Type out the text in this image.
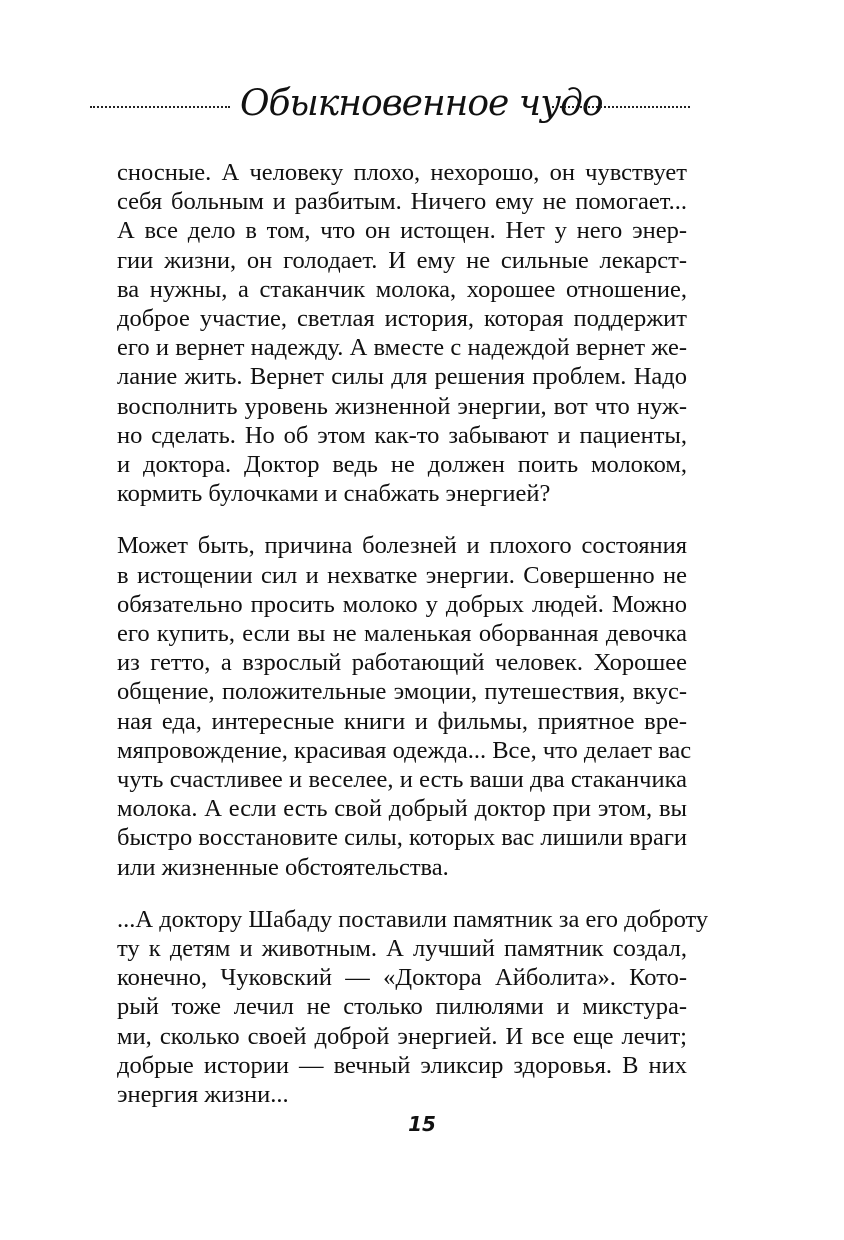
Обыкновенное чудо
сносные. А человеку плохо, нехорошо, он чувствует
себя больным и разбитым. Ничего ему не помогает...
А все дело в том, что он истощен. Нет у него энер-
гии жизни, он голодает. И ему не сильные лекарст-
ва нужны, а стаканчик молока, хорошее отношение,
доброе участие, светлая история, которая поддержит
его и вернет надежду. А вместе с надеждой вернет же-
лание жить. Вернет силы для решения проблем. Надо
восполнить уровень жизненной энергии, вот что нуж-
но сделать. Но об этом как-то забывают и пациенты,
и доктора. Доктор ведь не должен поить молоком,
кормить булочками и снабжать энергией?
Может быть, причина болезней и плохого состояния
в истощении сил и нехватке энергии. Совершенно не
обязательно просить молоко у добрых людей. Можно
его купить, если вы не маленькая оборванная девочка
из гетто, а взрослый работающий человек. Хорошее
общение, положительные эмоции, путешествия, вкус-
ная еда, интересные книги и фильмы, приятное вре-
мяпровождение, красивая одежда... Все, что делает вас
чуть счастливее и веселее, и есть ваши два стаканчика
молока. А если есть свой добрый доктор при этом, вы
быстро восстановите силы, которых вас лишили враги
или жизненные обстоятельства.
...А доктору Шабаду поставили памятник за его доброту
ту к детям и животным. А лучший памятник создал,
конечно, Чуковский — «Доктора Айболита». Кото-
рый тоже лечил не столько пилюлями и микстура-
ми, сколько своей доброй энергией. И все еще лечит;
добрые истории — вечный эликсир здоровья. В них
энергия жизни...
15
